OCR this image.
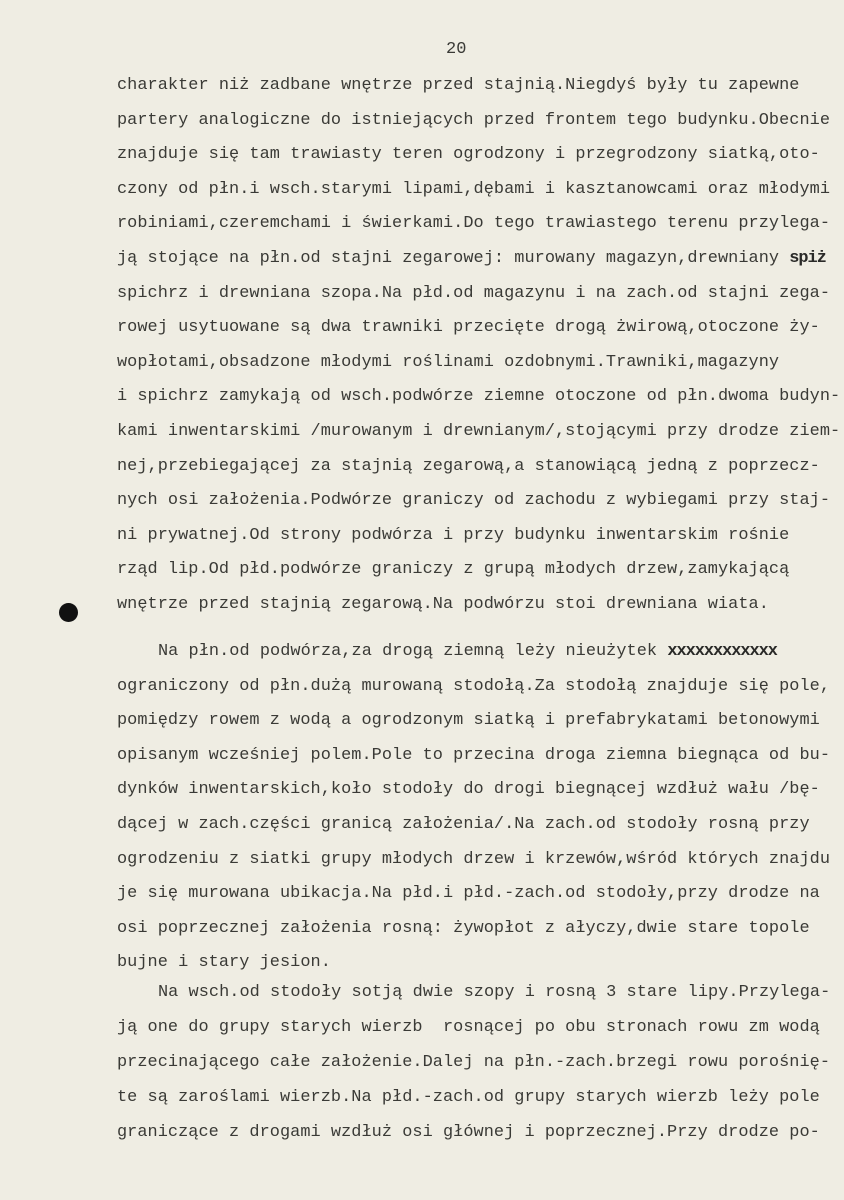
20
charakter niż zadbane wnętrze przed stajnią.Niegdyś były tu zapewne
partery analogiczne do istniejących przed frontem tego budynku.Obecnie
znajduje się tam trawiasty teren ogrodzony i przegrodzony siatką,oto-
czony od płn.i wsch.starymi lipami,dębami i kasztanowcami oraz młodymi
robiniami,czeremchami i świerkami.Do tego trawiastego terenu przylega-
ją stojące na płn.od stajni zegarowej: murowany magazyn,drewniany spiż
spichrz i drewniana szopa.Na płd.od magazynu i na zach.od stajni zega-
rowej usytuowane są dwa trawniki przecięte drogą żwirową,otoczone ży-
wopłotami,obsadzone młodymi roślinami ozdobnymi.Trawniki,magazyny
i spichrz zamykają od wsch.podwórze ziemne otoczone od płn.dwoma budyn-
kami inwentarskimi /murowanym i drewnianym/,stojącymi przy drodze ziem-
nej,przebiegającej za stajnią zegarową,a stanowiącą jedną z poprzecz-
nych osi założenia.Podwórze graniczy od zachodu z wybiegami przy staj-
ni prywatnej.Od strony podwórza i przy budynku inwentarskim rośnie
rząd lip.Od płd.podwórze graniczy z grupą młodych drzew,zamykającą
wnętrze przed stajnią zegarową.Na podwórzu stoi drewniana wiata.
Na płn.od podwórza,za drogą ziemną leży nieużytek xxxxxxxxxxxx
ograniczony od płn.dużą murowaną stodołą.Za stodołą znajduje się pole,
pomiędzy rowem z wodą a ogrodzonym siatką i prefabrykatami betonowymi
opisanym wcześniej polem.Pole to przecina droga ziemna biegnąca od bu-
dynków inwentarskich,koło stodoły do drogi biegnącej wzdłuż wału /bę-
dącej w zach.części granicą założenia/.Na zach.od stodoły rosną przy
ogrodzeniu z siatki grupy młodych drzew i krzewów,wśród których znajdu
je się murowana ubikacja.Na płd.i płd.-zach.od stodoły,przy drodze na
osi poprzecznej założenia rosną: żywopłot z ałyczy,dwie stare topole
bujne i stary jesion.
Na wsch.od stodoły sotją dwie szopy i rosną 3 stare lipy.Przylega-
ją one do grupy starych wierzb  rosnącej po obu stronach rowu zm wodą
przecinającego całe założenie.Dalej na płn.-zach.brzegi rowu porośnię-
te są zaroślami wierzb.Na płd.-zach.od grupy starych wierzb leży pole
graniczące z drogami wzdłuż osi głównej i poprzecznej.Przy drodze po-
